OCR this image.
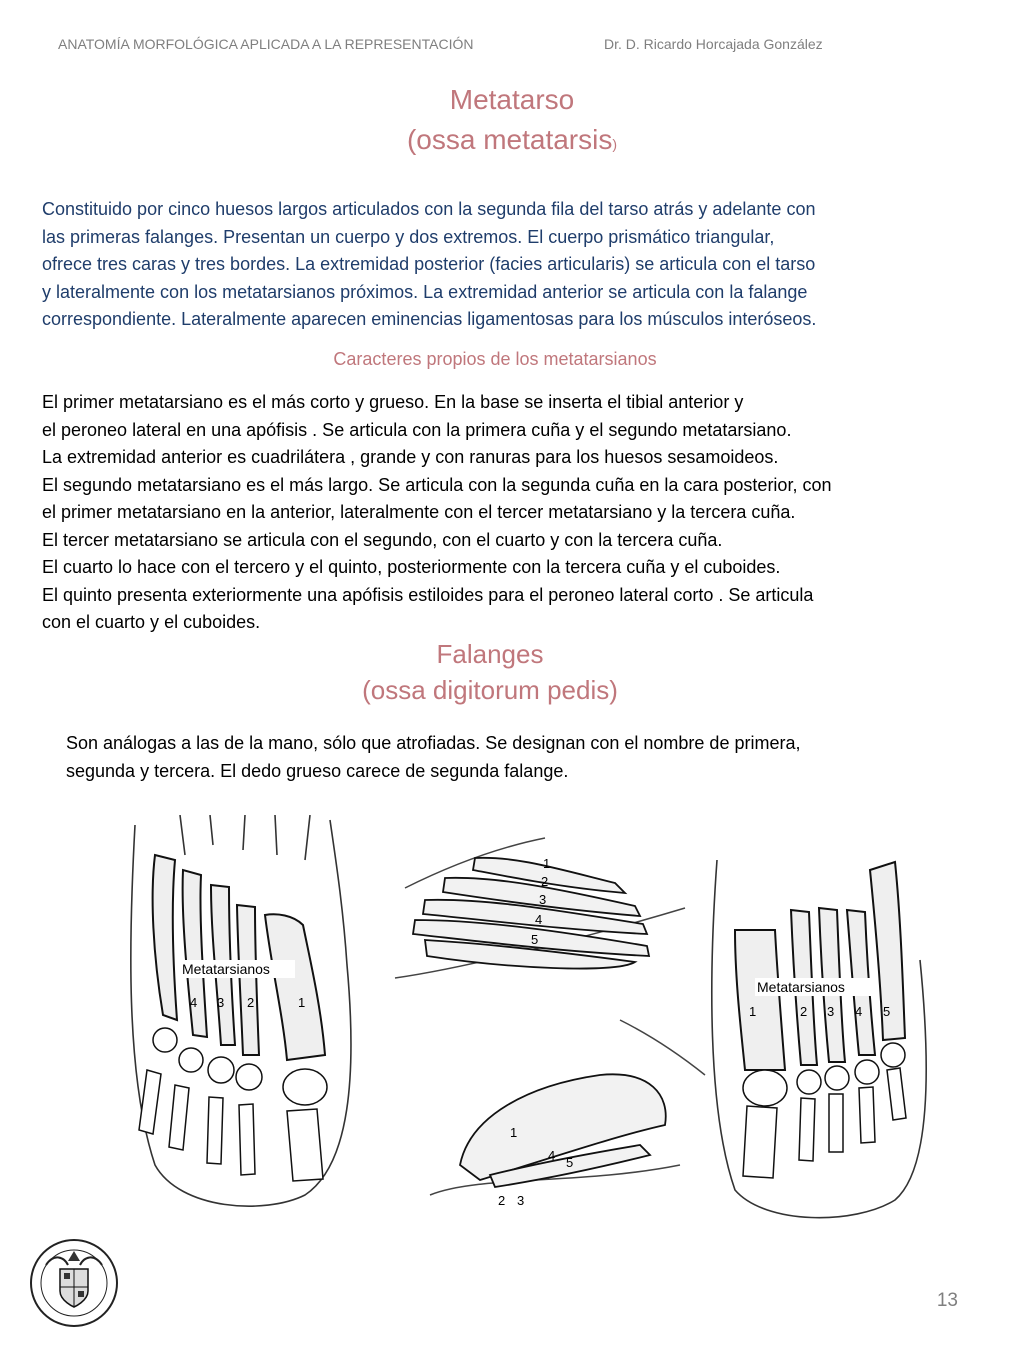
ANATOMÍA MORFOLÓGICA APLICADA A LA REPRESENTACIÓN	Dr. D. Ricardo Horcajada González
Metatarso
(ossa metatarsis)
Constituido por cinco huesos largos articulados con la segunda fila del tarso atrás y adelante con
las primeras falanges. Presentan un cuerpo y dos extremos. El cuerpo prismático triangular,
ofrece tres caras y tres bordes. La extremidad posterior (facies articularis) se articula con el tarso
y lateralmente con los metatarsianos próximos. La extremidad anterior se articula con la falange
correspondiente. Lateralmente aparecen eminencias ligamentosas para los músculos interóseos.
Caracteres propios de los metatarsianos
El primer metatarsiano es el más corto y grueso. En la base se inserta el tibial anterior y
el peroneo lateral en una apófisis . Se articula con la primera cuña y el segundo metatarsiano.
La extremidad anterior es cuadrilátera , grande y con ranuras para los huesos sesamoideos.
El segundo metatarsiano es el más largo. Se articula con la segunda cuña en la cara posterior, con
el primer metatarsiano en la anterior, lateralmente con el tercer metatarsiano y la tercera cuña.
El tercer metatarsiano se articula con el segundo, con el cuarto y con la tercera cuña.
El cuarto lo hace con el tercero y el quinto, posteriormente con la tercera cuña y el cuboides.
El quinto presenta exteriormente una apófisis estiloides para el peroneo lateral corto . Se articula
con el cuarto y el cuboides.
Falanges
(ossa digitorum pedis)
Son análogas a las de la mano, sólo que atrofiadas. Se designan con el nombre de primera,
segunda y tercera. El dedo grueso carece de segunda falange.
Metatarsianos
4 3 2	1
1
2
3
4
5
1
2 3
4 5
Metatarsianos
1	2 3 4 5
13
